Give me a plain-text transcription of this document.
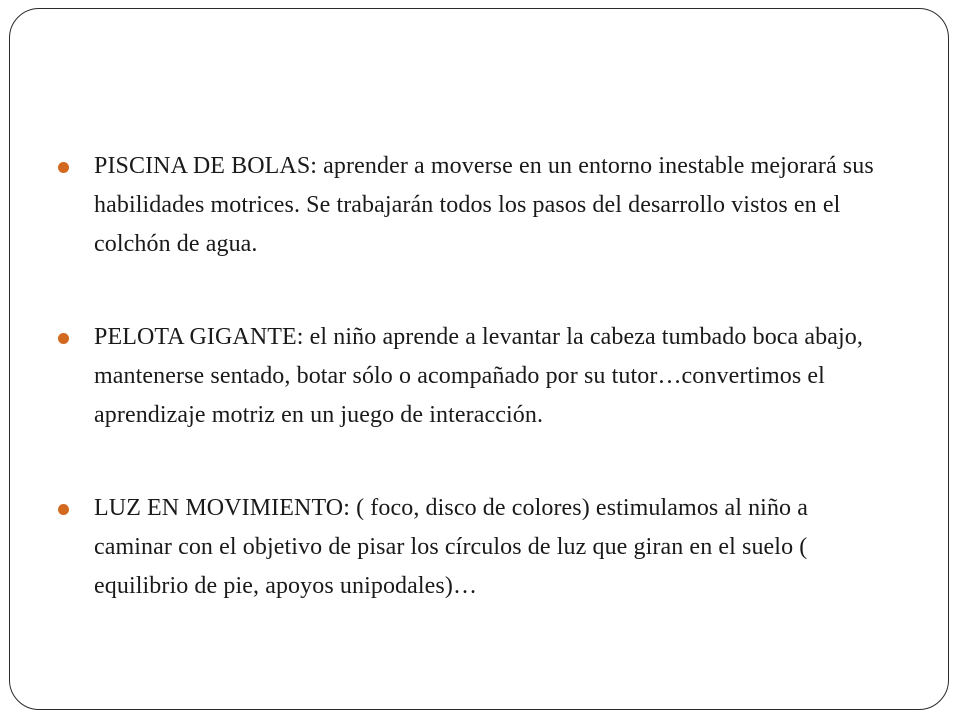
PISCINA DE BOLAS: aprender a moverse en un entorno inestable mejorará sus habilidades motrices. Se trabajarán todos los pasos del desarrollo vistos en el colchón de agua.
PELOTA GIGANTE: el niño aprende a levantar la cabeza tumbado boca abajo, mantenerse sentado, botar sólo o acompañado por su tutor…convertimos el aprendizaje motriz en un juego de interacción.
LUZ EN MOVIMIENTO: ( foco, disco de colores) estimulamos al niño a caminar con el objetivo de pisar los círculos de luz que giran en el suelo ( equilibrio de pie, apoyos unipodales)…
